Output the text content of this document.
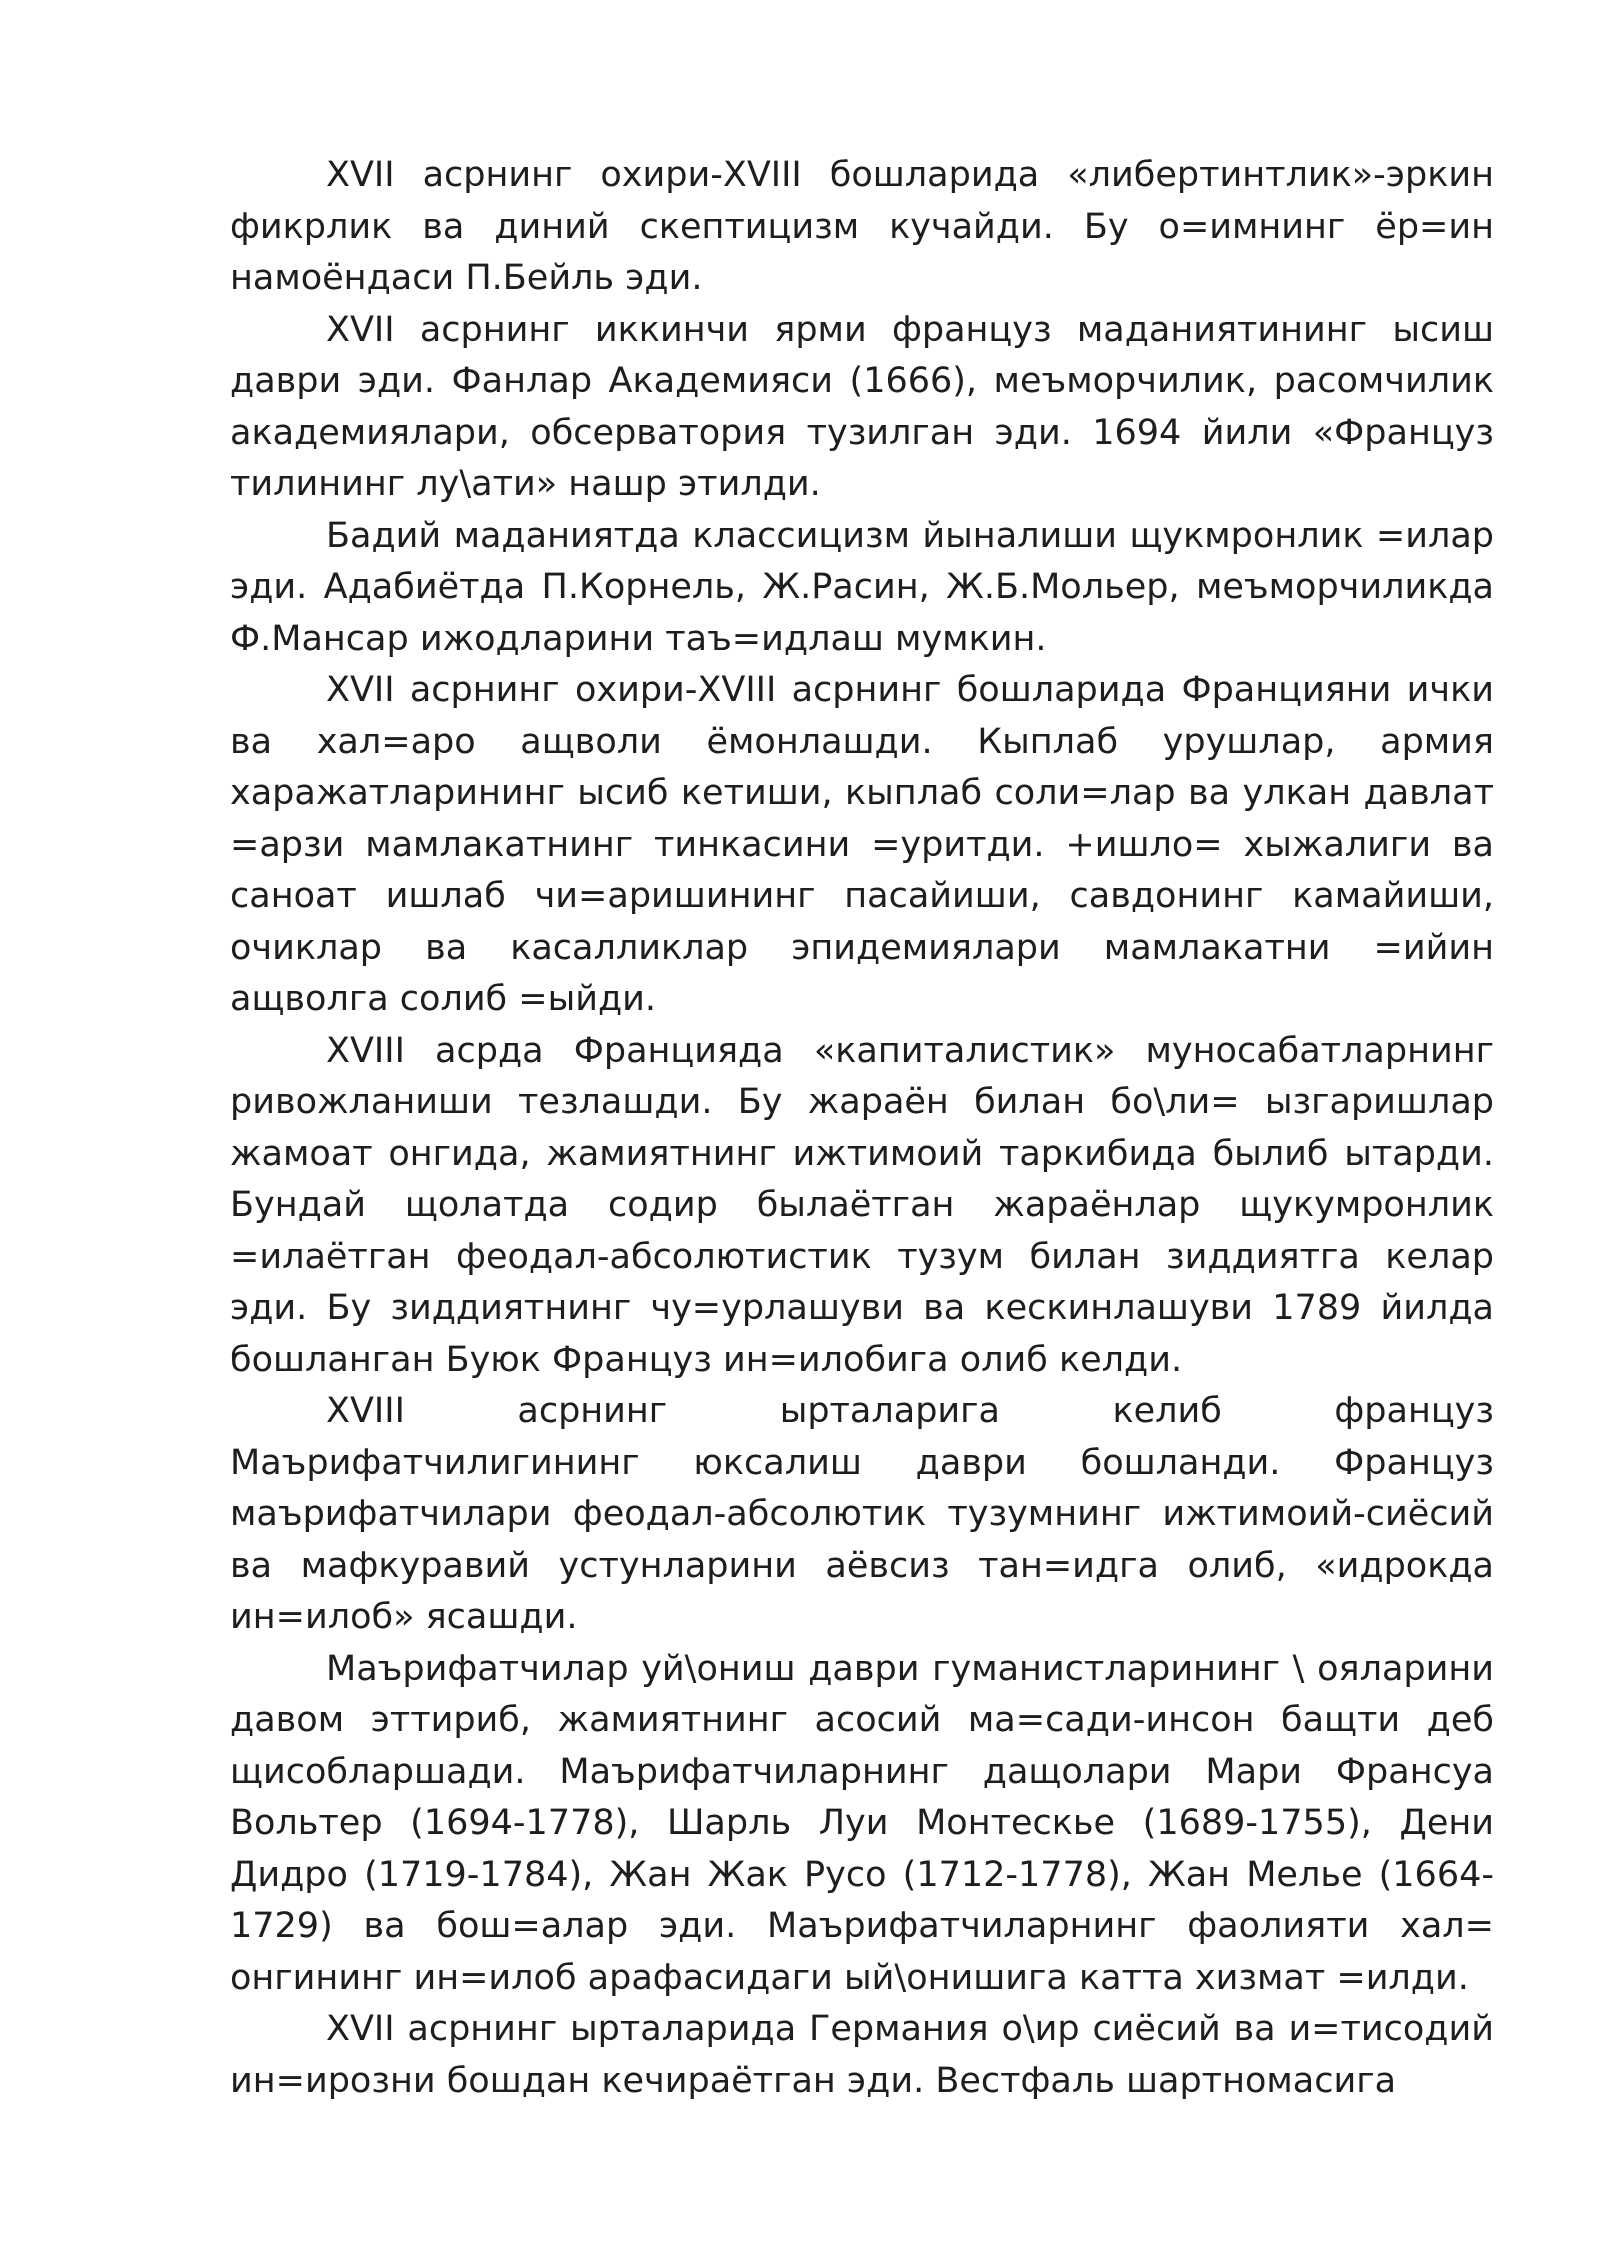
XVII асрнинг охири-XVIII бошларида «либертинтлик»-эркин фикрлик ва диний скептицизм кучайди. Бу о=имнинг ёр=ин намоёндаси П.Бейль эди.

XVII асрнинг иккинчи ярми француз маданиятининг ысиш даври эди. Фанлар Академияси (1666), меъморчилик, расомчилик академиялари, обсерватория тузилган эди. 1694 йили «Француз тилининг лу\ати» нашр этилди.

Бадий маданиятда классицизм йыналиши щукмронлик =илар эди. Адабиётда П.Корнель, Ж.Расин, Ж.Б.Мольер, меъморчиликда Ф.Мансар ижодларини таъ=идлаш мумкин.

XVII асрнинг охири-XVIII асрнинг бошларида Францияни ички ва хал=аро ащволи ёмонлашди. Кыплаб урушлар, армия харажатларининг ысиб кетиши, кыплаб соли=лар ва улкан давлат =арзи мамлакатнинг тинкасини =уритди. +ишло= хыжалиги ва саноат ишлаб чи=аришининг пасайиши, савдонинг камайиши, очиклар ва касалликлар эпидемиялари мамлакатни =ийин ащволга солиб =ыйди.

XVIII асрда Францияда «капиталистик» муносабатларнинг ривожланиши тезлашди. Бу жараён билан бо\ли= ызгаришлар жамоат онгида, жамиятнинг ижтимоий таркибида былиб ытарди. Бундай щолатда содир былаётган жараёнлар щукумронлик =илаётган феодал-абсолютистик тузум билан зиддиятга келар эди. Бу зиддиятнинг чу=урлашуви ва кескинлашуви 1789 йилда бошланган Буюк Француз ин=илобига олиб келди.

XVIII асрнинг ырталарига келиб француз Маърифатчилигининг юксалиш даври бошланди. Француз маърифатчилари феодал-абсолютик тузумнинг ижтимоий-сиёсий ва мафкуравий устунларини аёвсиз тан=идга олиб, «идрокда ин=илоб» ясашди.

Маърифатчилар уй\ониш даври гуманистларининг \ ояларини давом эттириб, жамиятнинг асосий ма=сади-инсон бащти деб щисобларшади. Маърифатчиларнинг дащолари Мари Франсуа Вольтер (1694-1778), Шарль Луи Монтескье (1689-1755), Дени Дидро (1719-1784), Жан Жак Русо (1712-1778), Жан Мелье (1664-1729) ва бош=алар эди. Маърифатчиларнинг фаолияти хал= онгининг ин=илоб арафасидаги ый\онишига катта хизмат =илди.

XVII асрнинг ырталарида Германия о\ир сиёсий ва и=тисодий ин=ирозни бошдан кечираётган эди. Вестфаль шартномасига
